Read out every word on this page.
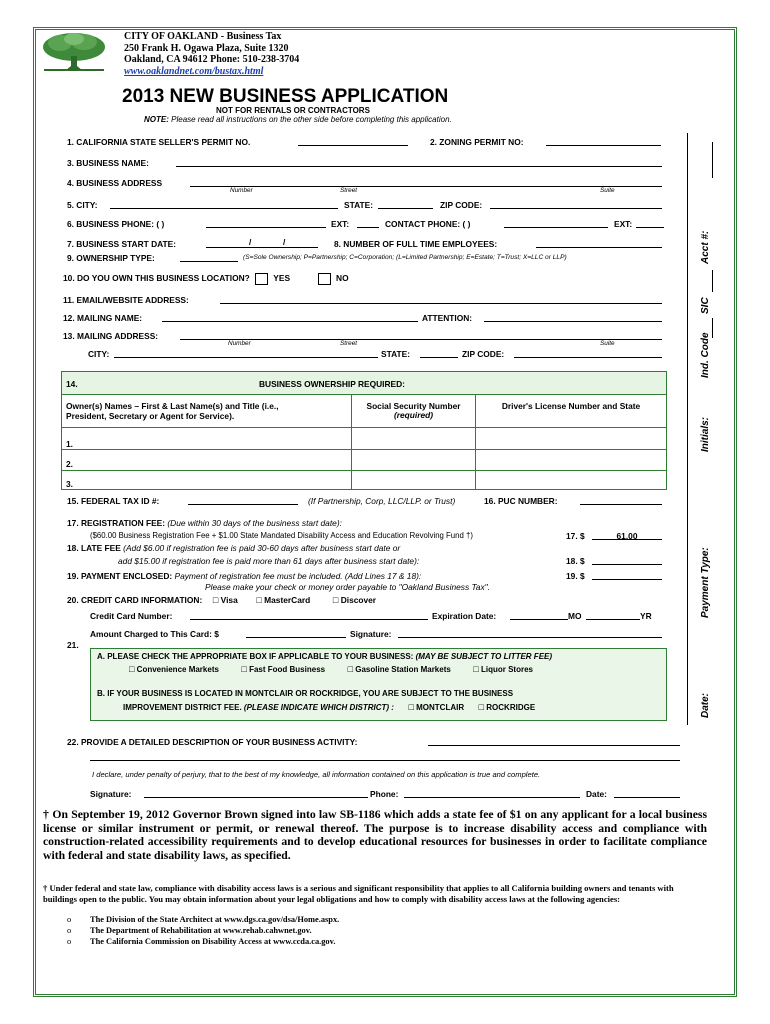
CITY OF OAKLAND - Business Tax
250 Frank H. Ogawa Plaza, Suite 1320
Oakland, CA 94612 Phone: 510-238-3704
www.oaklandnet.com/bustax.html
2013 NEW BUSINESS APPLICATION
NOT FOR RENTALS OR CONTRACTORS
NOTE: Please read all instructions on the other side before completing this application.
1. CALIFORNIA STATE SELLER'S PERMIT NO.	2. ZONING PERMIT NO:
3. BUSINESS NAME:
4. BUSINESS ADDRESS
Number	Street	Suite
5. CITY:	STATE:	ZIP CODE:
6. BUSINESS PHONE: ( )	EXT:	CONTACT PHONE: ( )	EXT:
7. BUSINESS START DATE:	/	/	8. NUMBER OF FULL TIME EMPLOYEES:
9. OWNERSHIP TYPE:	(S=Sole Ownership; P=Partnership; C=Corporation; (L=Limited Partnership; E=Estate; T=Trust; X=LLC or LLP)
10. DO YOU OWN THIS BUSINESS LOCATION?	YES	NO
11. EMAIL/WEBSITE ADDRESS:
12. MAILING NAME:	ATTENTION:
13. MAILING ADDRESS:
Number	Street	Suite
CITY:	STATE:	ZIP CODE:
14.	BUSINESS OWNERSHIP REQUIRED:
Owner(s) Names – First & Last Name(s) and Title (i.e., President, Secretary or Agent for Service).
Social Security Number
(required)
Driver's License Number and State
1.
2.
3.
15. FEDERAL TAX ID #:	(If Partnership, Corp, LLC/LLP. or Trust)	16. PUC NUMBER:
17. REGISTRATION FEE: (Due within 30 days of the business start date):
($60.00 Business Registration Fee + $1.00 State Mandated Disability Access and Education Revolving Fund †)	17. $	61.00
18. LATE FEE (Add $6.00 if registration fee is paid 30-60 days after business start date or
add $15.00 if registration fee is paid more than 61 days after business start date):	18. $
19. PAYMENT ENCLOSED: Payment of registration fee must be included. (Add Lines 17 & 18):
Please make your check or money order payable to "Oakland Business Tax".
19. $
20. CREDIT CARD INFORMATION: □ Visa □ MasterCard	□ Discover
Credit Card Number:	Expiration Date:	MO	YR
Amount Charged to This Card: $	Signature:
21.
A. PLEASE CHECK THE APPROPRIATE BOX IF APPLICABLE TO YOUR BUSINESS: (MAY BE SUBJECT TO LITTER FEE)
□ Convenience Markets □ Fast Food Business □ Gasoline Station Markets □ Liquor Stores
B. IF YOUR BUSINESS IS LOCATED IN MONTCLAIR OR ROCKRIDGE, YOU ARE SUBJECT TO THE BUSINESS
IMPROVEMENT DISTRICT FEE. (PLEASE INDICATE WHICH DISTRICT) : □ MONTCLAIR □ ROCKRIDGE
22. PROVIDE A DETAILED DESCRIPTION OF YOUR BUSINESS ACTIVITY:
I declare, under penalty of perjury, that to the best of my knowledge, all information contained on this application is true and complete.
Signature:	Phone:	Date:
† On September 19, 2012 Governor Brown signed into law SB-1186 which adds a state fee of $1 on any applicant for a local business license or similar instrument or permit, or renewal thereof. The purpose is to increase disability access and compliance with construction-related accessibility requirements and to develop educational resources for businesses in order to facilitate compliance with federal and state disability laws, as specified.
† Under federal and state law, compliance with disability access laws is a serious and significant responsibility that applies to all California building owners and tenants with buildings open to the public. You may obtain information about your legal obligations and how to comply with disability access laws at the following agencies:
o The Division of the State Architect at www.dgs.ca.gov/dsa/Home.aspx.
o The Department of Rehabilitation at www.rehab.cahwnet.gov.
o The California Commission on Disability Access at www.ccda.ca.gov.
Acct #:
SIC
Ind. Code
Initials:
Payment Type:
Date:
